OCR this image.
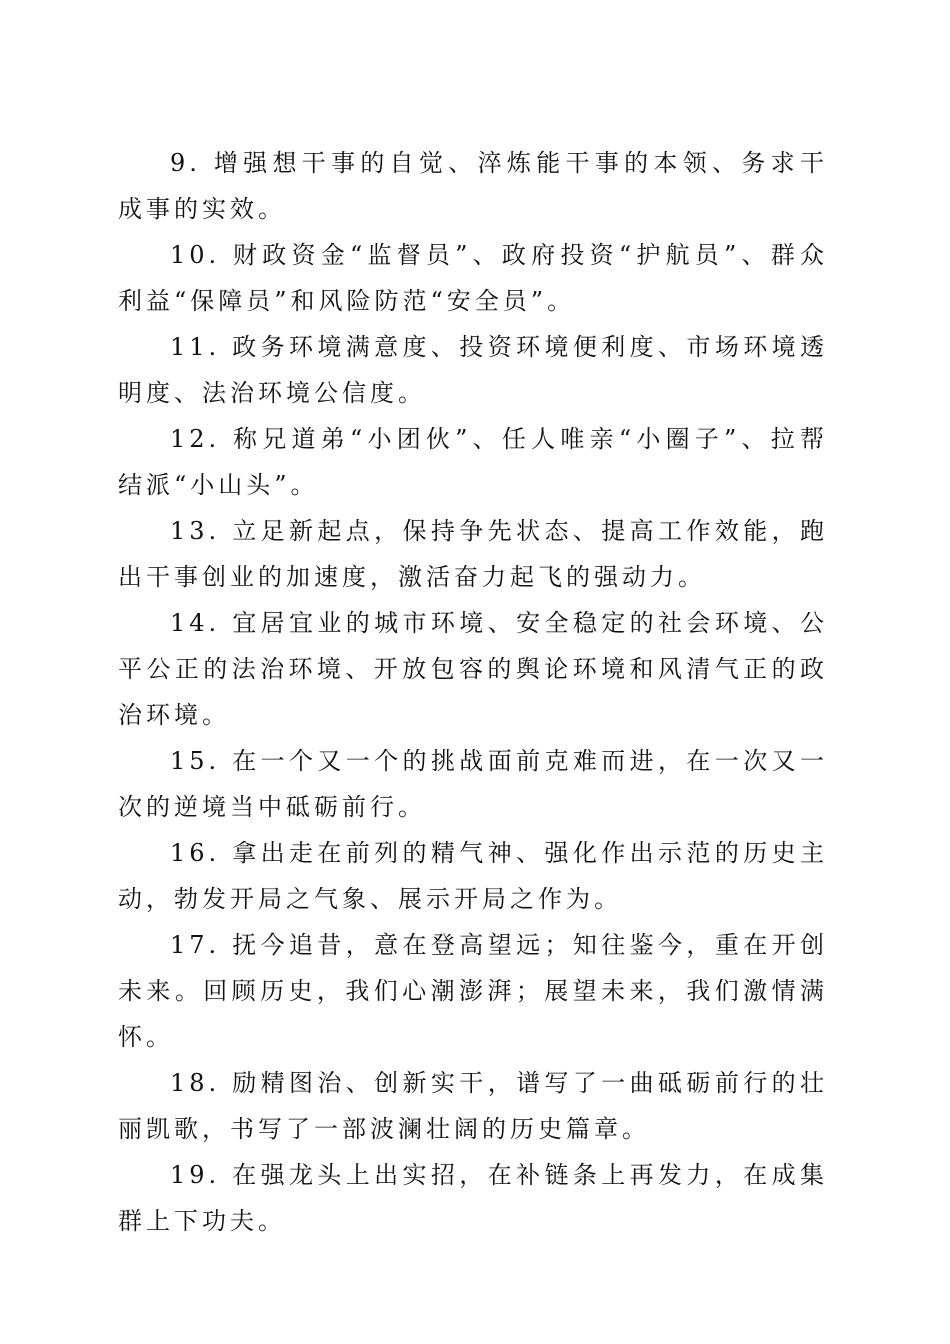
9. 增强想干事的自觉、淬炼能干事的本领、务求干成事的实效。

10. 财政资金“监督员”、政府投资“护航员”、群众利益“保障员”和风险防范“安全员”。

11. 政务环境满意度、投资环境便利度、市场环境透明度、法治环境公信度。

12. 称兄道弟“小团伙”、任人唯亲“小圈子”、拉帮结派“小山头”。

13. 立足新起点，保持争先状态、提高工作效能，跑出干事创业的加速度，激活奋力起飞的强动力。

14. 宜居宜业的城市环境、安全稳定的社会环境、公平公正的法治环境、开放包容的舆论环境和风清气正的政治环境。

15. 在一个又一个的挑战面前克难而进，在一次又一次的逆境当中砥砺前行。

16. 拿出走在前列的精气神、强化作出示范的历史主动，勃发开局之气象、展示开局之作为。

17. 抚今追昔，意在登高望远；知往鉴今，重在开创未来。回顾历史，我们心潮澎湃；展望未来，我们激情满怀。

18. 励精图治、创新实干，谱写了一曲砥砺前行的壮丽凯歌，书写了一部波澜壮阔的历史篇章。

19. 在强龙头上出实招，在补链条上再发力，在成集群上下功夫。
